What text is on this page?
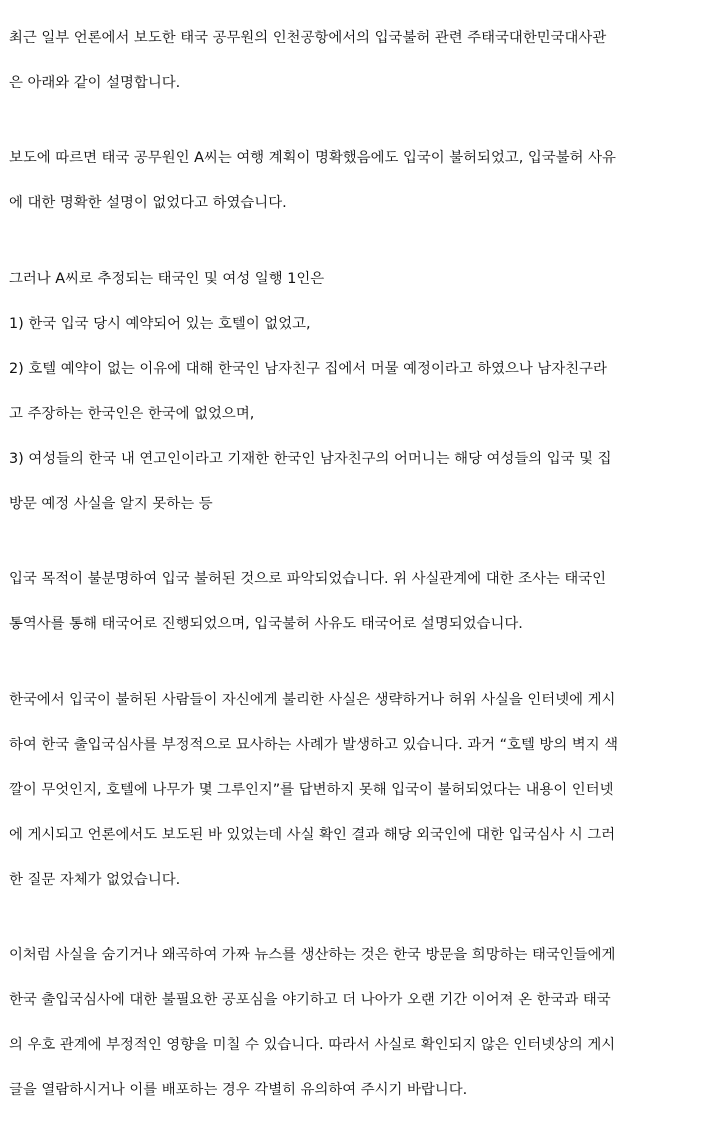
최근 일부 언론에서 보도한 태국 공무원의 인천공항에서의 입국불허 관련 주태국대한민국대사관

은 아래와 같이 설명합니다.

보도에 따르면 태국 공무원인 A씨는 여행 계획이 명확했음에도 입국이 불허되었고, 입국불허 사유

에 대한 명확한 설명이 없었다고 하였습니다.

그러나 A씨로 추정되는 태국인 및 여성 일행 1인은

1) 한국 입국 당시 예약되어 있는 호텔이 없었고,

2) 호텔 예약이 없는 이유에 대해 한국인 남자친구 집에서 머물 예정이라고 하였으나 남자친구라

고 주장하는 한국인은 한국에 없었으며,

3) 여성들의 한국 내 연고인이라고 기재한 한국인 남자친구의 어머니는 해당 여성들의 입국 및 집

방문 예정 사실을 알지 못하는 등

입국 목적이 불분명하여 입국 불허된 것으로 파악되었습니다. 위 사실관계에 대한 조사는 태국인

통역사를 통해 태국어로 진행되었으며, 입국불허 사유도 태국어로 설명되었습니다.

한국에서 입국이 불허된 사람들이 자신에게 불리한 사실은 생략하거나 허위 사실을 인터넷에 게시

하여 한국 출입국심사를 부정적으로 묘사하는 사례가 발생하고 있습니다. 과거 “호텔 방의 벽지 색

깔이 무엇인지, 호텔에 나무가 몇 그루인지”를 답변하지 못해 입국이 불허되었다는 내용이 인터넷

에 게시되고 언론에서도 보도된 바 있었는데 사실 확인 결과 해당 외국인에 대한 입국심사 시 그러

한 질문 자체가 없었습니다.

이처럼 사실을 숨기거나 왜곡하여 가짜 뉴스를 생산하는 것은 한국 방문을 희망하는 태국인들에게

한국 출입국심사에 대한 불필요한 공포심을 야기하고 더 나아가 오랜 기간 이어져 온 한국과 태국

의 우호 관계에 부정적인 영향을 미칠 수 있습니다. 따라서 사실로 확인되지 않은 인터넷상의 게시

글을 열람하시거나 이를 배포하는 경우 각별히 유의하여 주시기 바랍니다.
